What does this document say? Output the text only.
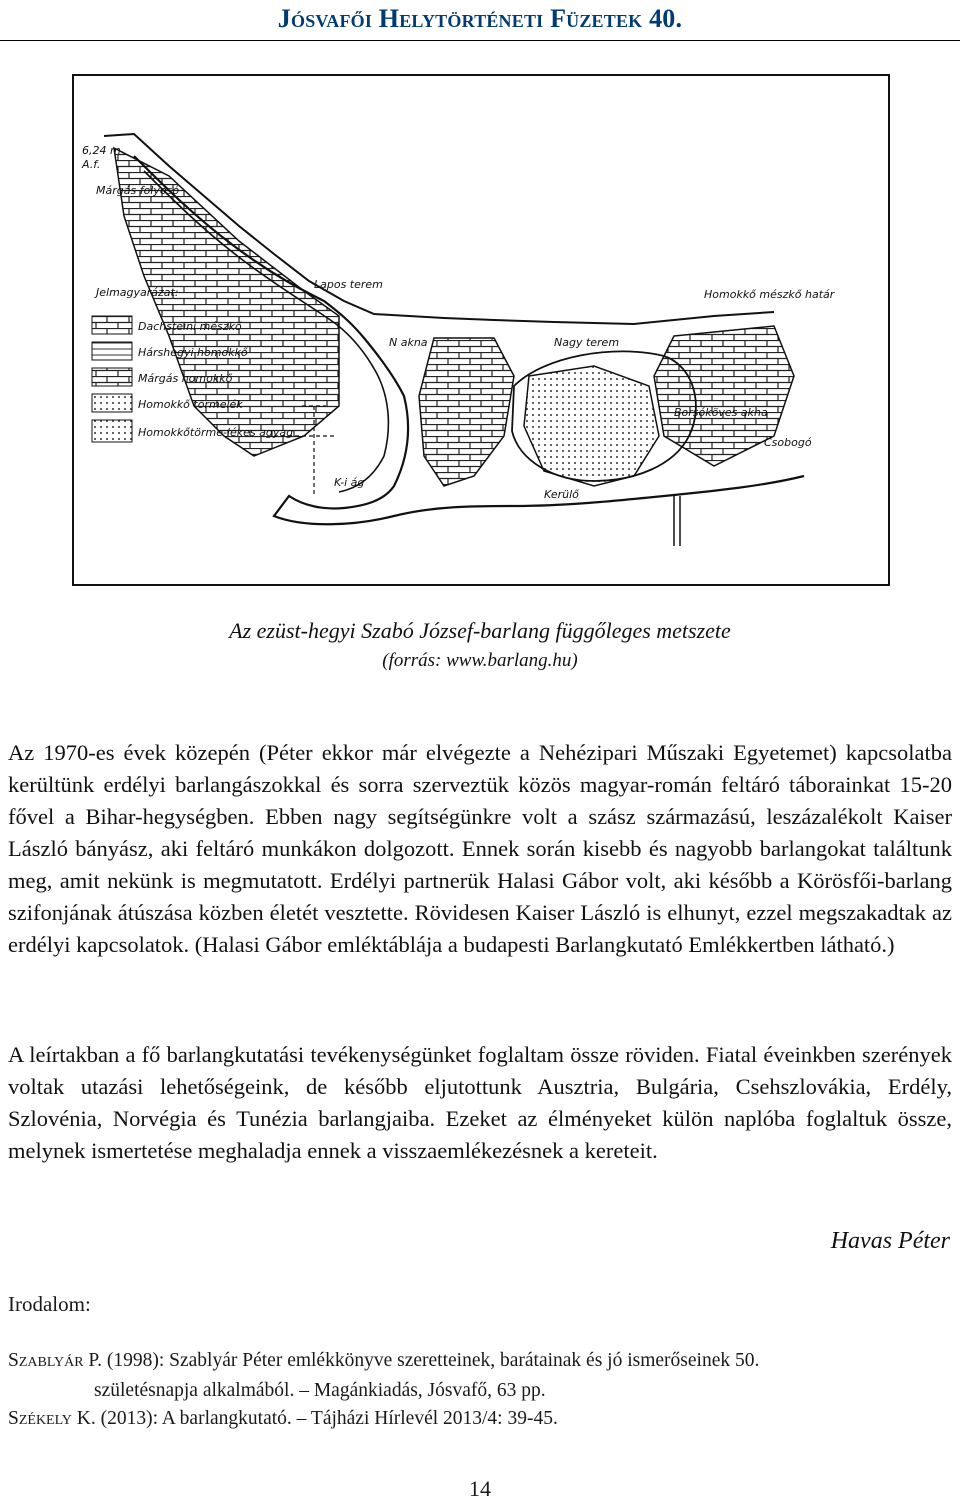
Jósvafői Helytörténeti Füzetek 40.
6,24 m
A.f.
Márgás folyosó
Lapos terem
Homokkő mészkő határ
Nagy terem
Borsóköves akna
Csobogó
Kerülő
K-i ág
N akna
Jelmagyarázat:
Dachsteini mészkő
Hárshegyi homokkő
Márgás homokkő
Homokkő törmelék
Homokkőtörme-lékes agyag
Az ezüst-hegyi Szabó József-barlang függőleges metszete
(forrás: www.barlang.hu)
Az 1970-es évek közepén (Péter ekkor már elvégezte a Nehézipari Műszaki Egyetemet) kapcsolatba kerültünk erdélyi barlangászokkal és sorra szerveztük közös magyar-román feltáró táborainkat 15-20 fővel a Bihar-hegységben. Ebben nagy segítségünkre volt a szász származású, leszázalékolt Kaiser László bányász, aki feltáró munkákon dolgozott. Ennek során kisebb és nagyobb barlangokat találtunk meg, amit nekünk is megmutatott. Erdélyi partnerük Halasi Gábor volt, aki később a Körösfői-barlang szifonjának átúszása közben életét vesztette. Rövidesen Kaiser László is elhunyt, ezzel megszakadtak az erdélyi kapcsolatok. (Halasi Gábor emléktáblája a budapesti Barlangkutató Emlékkertben látható.)
A leírtakban a fő barlangkutatási tevékenységünket foglaltam össze röviden. Fiatal éveinkben szerények voltak utazási lehetőségeink, de később eljutottunk Ausztria, Bulgária, Csehszlovákia, Erdély, Szlovénia, Norvégia és Tunézia barlangjaiba. Ezeket az élményeket külön naplóba foglaltuk össze, melynek ismertetése meghaladja ennek a visszaemlékezésnek a kereteit.
Havas Péter
Irodalom:
Szablyár P. (1998): Szablyár Péter emlékkönyve szeretteinek, barátainak és jó ismerőseinek 50.
születésnapja alkalmából. – Magánkiadás, Jósvafő, 63 pp.
Székely K. (2013): A barlangkutató. – Tájházi Hírlevél 2013/4: 39-45.
14
